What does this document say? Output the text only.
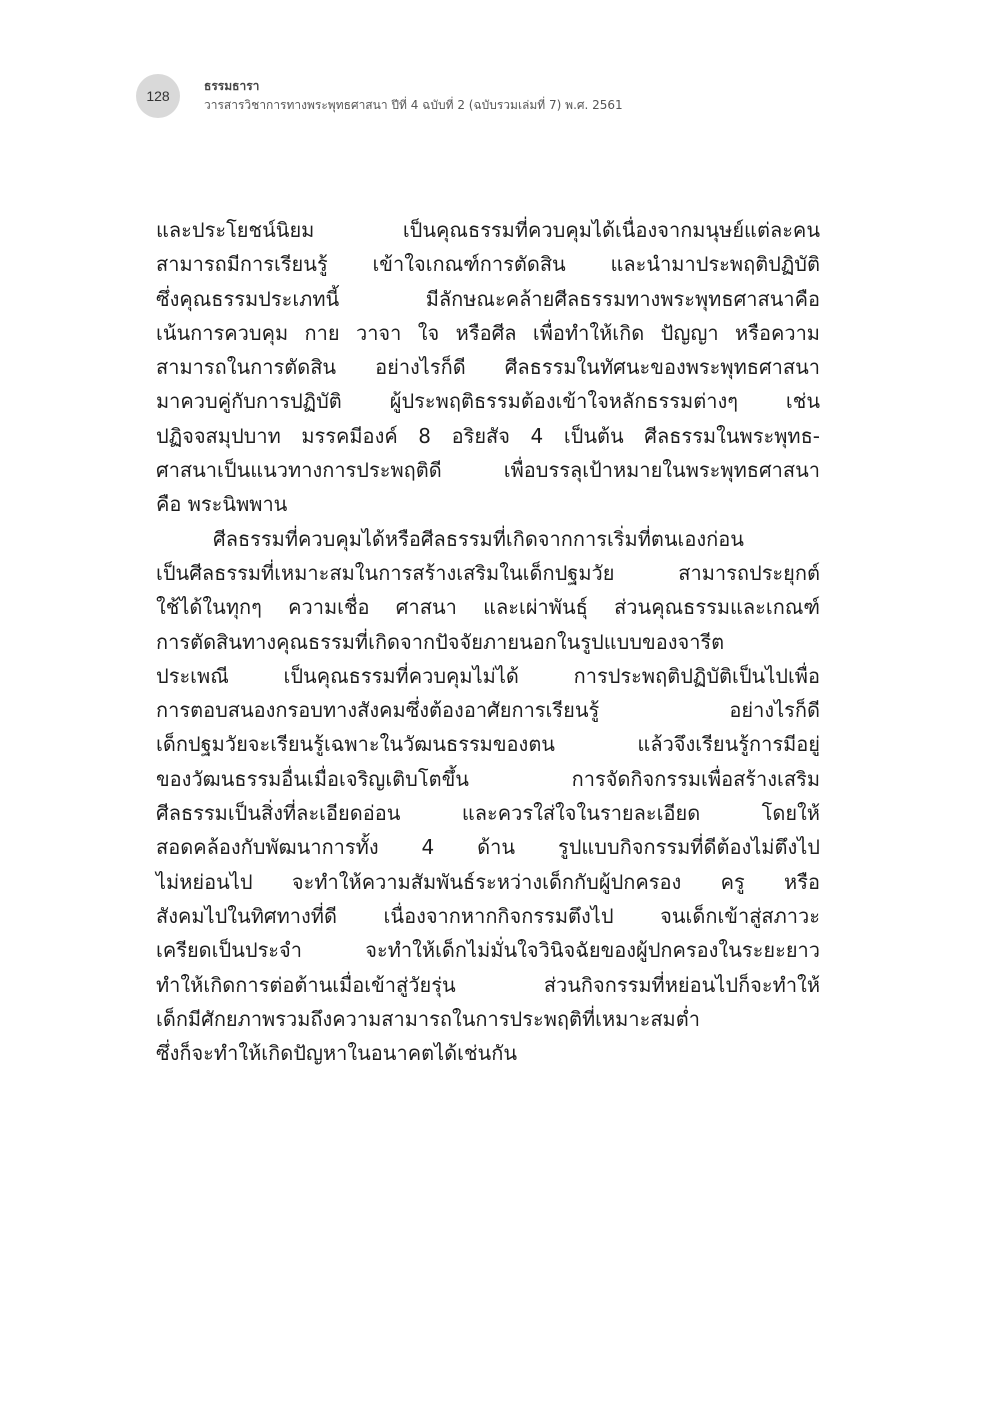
128
ธรรมธารา
วารสารวิชาการทางพระพุทธศาสนา ปีที่ 4 ฉบับที่ 2 (ฉบับรวมเล่มที่ 7) พ.ศ. 2561
และประโยชน์นิยม เป็นคุณธรรมที่ควบคุมได้เนื่องจากมนุษย์แต่ละคน
สามารถมีการเรียนรู้ เข้าใจเกณฑ์การตัดสิน และนำมาประพฤติปฏิบัติ
ซึ่งคุณธรรมประเภทนี้ มีลักษณะคล้ายศีลธรรมทางพระพุทธศาสนาคือ
เน้นการควบคุม กาย วาจา ใจ หรือศีล เพื่อทำให้เกิด ปัญญา หรือความ
สามารถในการตัดสิน อย่างไรก็ดี ศีลธรรมในทัศนะของพระพุทธศาสนา
มาควบคู่กับการปฏิบัติ ผู้ประพฤติธรรมต้องเข้าใจหลักธรรมต่างๆ เช่น
ปฏิจจสมุปบาท มรรคมีองค์ 8 อริยสัจ 4 เป็นต้น ศีลธรรมในพระพุทธ-
ศาสนาเป็นแนวทางการประพฤติดี เพื่อบรรลุเป้าหมายในพระพุทธศาสนา
คือ พระนิพพาน
ศีลธรรมที่ควบคุมได้หรือศีลธรรมที่เกิดจากการเริ่มที่ตนเองก่อน
เป็นศีลธรรมที่เหมาะสมในการสร้างเสริมในเด็กปฐมวัย สามารถประยุกต์
ใช้ได้ในทุกๆ ความเชื่อ ศาสนา และเผ่าพันธุ์ ส่วนคุณธรรมและเกณฑ์
การตัดสินทางคุณธรรมที่เกิดจากปัจจัยภายนอกในรูปแบบของจารีต
ประเพณี เป็นคุณธรรมที่ควบคุมไม่ได้ การประพฤติปฏิบัติเป็นไปเพื่อ
การตอบสนองกรอบทางสังคมซึ่งต้องอาศัยการเรียนรู้ อย่างไรก็ดี
เด็กปฐมวัยจะเรียนรู้เฉพาะในวัฒนธรรมของตน แล้วจึงเรียนรู้การมีอยู่
ของวัฒนธรรมอื่นเมื่อเจริญเติบโตขึ้น การจัดกิจกรรมเพื่อสร้างเสริม
ศีลธรรมเป็นสิ่งที่ละเอียดอ่อน และควรใส่ใจในรายละเอียด โดยให้
สอดคล้องกับพัฒนาการทั้ง 4 ด้าน รูปแบบกิจกรรมที่ดีต้องไม่ตึงไป
ไม่หย่อนไป จะทำให้ความสัมพันธ์ระหว่างเด็กกับผู้ปกครอง ครู หรือ
สังคมไปในทิศทางที่ดี เนื่องจากหากกิจกรรมตึงไป จนเด็กเข้าสู่สภาวะ
เครียดเป็นประจำ จะทำให้เด็กไม่มั่นใจวินิจฉัยของผู้ปกครองในระยะยาว
ทำให้เกิดการต่อต้านเมื่อเข้าสู่วัยรุ่น ส่วนกิจกรรมที่หย่อนไปก็จะทำให้
เด็กมีศักยภาพรวมถึงความสามารถในการประพฤติที่เหมาะสมต่ำ
ซึ่งก็จะทำให้เกิดปัญหาในอนาคตได้เช่นกัน
